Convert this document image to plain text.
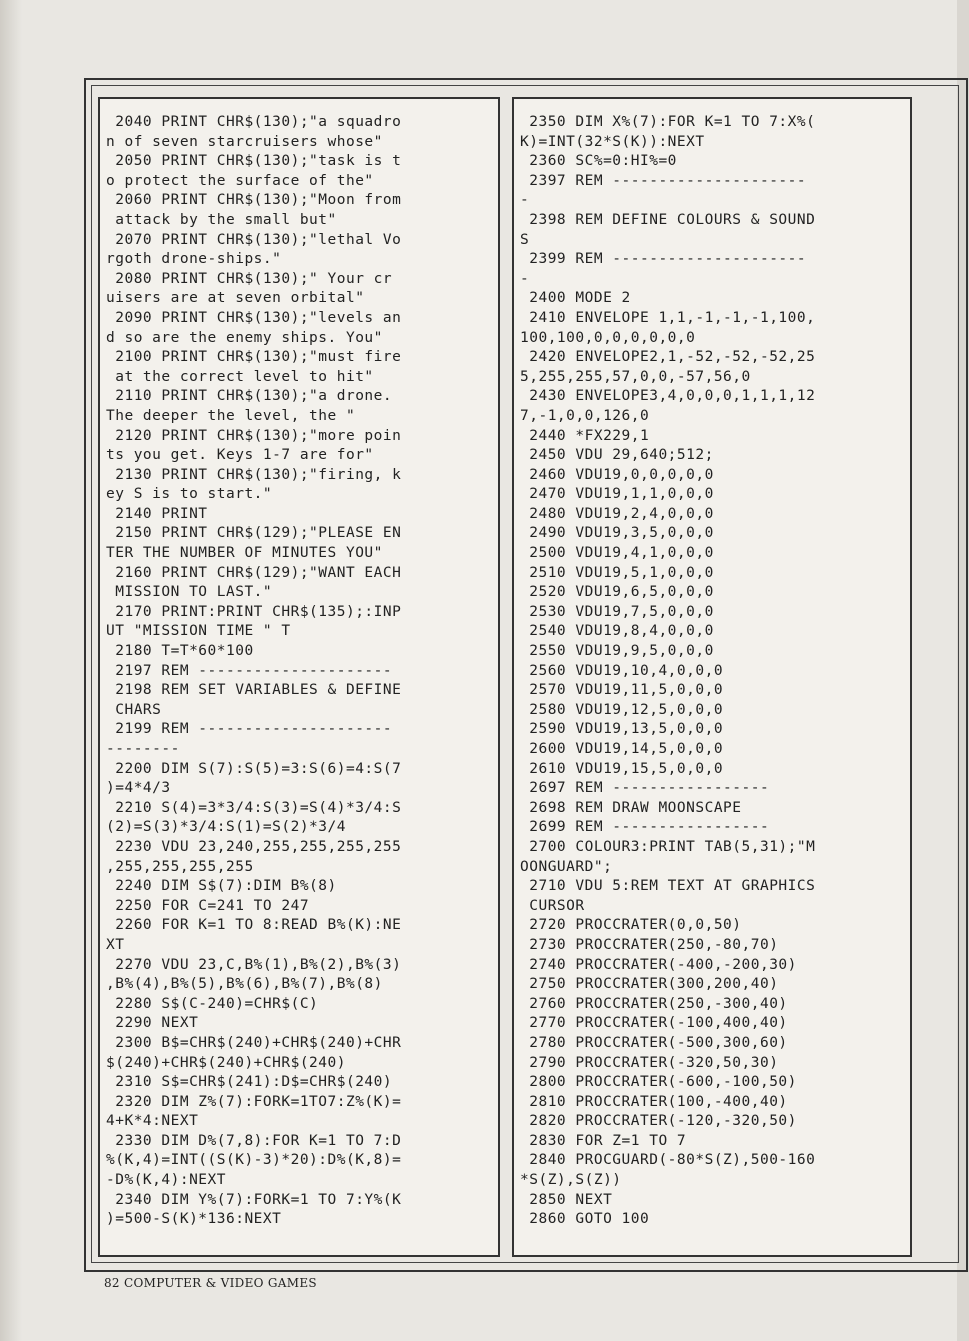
2040 PRINT CHR$(130);"a squadro
n of seven starcruisers whose"
2050 PRINT CHR$(130);"task is t
o protect the surface of the"
2060 PRINT CHR$(130);"Moon from
attack by the small but"
2070 PRINT CHR$(130);"lethal Vo
rgoth drone-ships."
2080 PRINT CHR$(130);" Your cr
uisers are at seven orbital"
2090 PRINT CHR$(130);"levels an
d so are the enemy ships. You"
2100 PRINT CHR$(130);"must fire
at the correct level to hit"
2110 PRINT CHR$(130);"a drone.
The deeper the level, the "
2120 PRINT CHR$(130);"more poin
ts you get. Keys 1-7 are for"
2130 PRINT CHR$(130);"firing, k
ey S is to start."
2140 PRINT
2150 PRINT CHR$(129);"PLEASE EN
TER THE NUMBER OF MINUTES YOU"
2160 PRINT CHR$(129);"WANT EACH
MISSION TO LAST."
2170 PRINT:PRINT CHR$(135);:INP
UT "MISSION TIME " T
2180 T=T*60*100
2197 REM ---------------------
2198 REM SET VARIABLES & DEFINE
CHARS
2199 REM ---------------------
--------
2200 DIM S(7):S(5)=3:S(6)=4:S(7
)=4*4/3
2210 S(4)=3*3/4:S(3)=S(4)*3/4:S
(2)=S(3)*3/4:S(1)=S(2)*3/4
2230 VDU 23,240,255,255,255,255
,255,255,255,255
2240 DIM S$(7):DIM B%(8)
2250 FOR C=241 TO 247
2260 FOR K=1 TO 8:READ B%(K):NE
XT
2270 VDU 23,C,B%(1),B%(2),B%(3)
,B%(4),B%(5),B%(6),B%(7),B%(8)
2280 S$(C-240)=CHR$(C)
2290 NEXT
2300 B$=CHR$(240)+CHR$(240)+CHR
$(240)+CHR$(240)+CHR$(240)
2310 S$=CHR$(241):D$=CHR$(240)
2320 DIM Z%(7):FORK=1TO7:Z%(K)=
4+K*4:NEXT
2330 DIM D%(7,8):FOR K=1 TO 7:D
%(K,4)=INT((S(K)-3)*20):D%(K,8)=
-D%(K,4):NEXT
2340 DIM Y%(7):FORK=1 TO 7:Y%(K
)=500-S(K)*136:NEXT
2350 DIM X%(7):FOR K=1 TO 7:X%(
K)=INT(32*S(K)):NEXT
2360 SC%=0:HI%=0
2397 REM ---------------------
-
2398 REM DEFINE COLOURS & SOUND
S
2399 REM ---------------------
-
2400 MODE 2
2410 ENVELOPE 1,1,-1,-1,-1,100,
100,100,0,0,0,0,0,0
2420 ENVELOPE2,1,-52,-52,-52,25
5,255,255,57,0,0,-57,56,0
2430 ENVELOPE3,4,0,0,0,1,1,1,12
7,-1,0,0,126,0
2440 *FX229,1
2450 VDU 29,640;512;
2460 VDU19,0,0,0,0,0
2470 VDU19,1,1,0,0,0
2480 VDU19,2,4,0,0,0
2490 VDU19,3,5,0,0,0
2500 VDU19,4,1,0,0,0
2510 VDU19,5,1,0,0,0
2520 VDU19,6,5,0,0,0
2530 VDU19,7,5,0,0,0
2540 VDU19,8,4,0,0,0
2550 VDU19,9,5,0,0,0
2560 VDU19,10,4,0,0,0
2570 VDU19,11,5,0,0,0
2580 VDU19,12,5,0,0,0
2590 VDU19,13,5,0,0,0
2600 VDU19,14,5,0,0,0
2610 VDU19,15,5,0,0,0
2697 REM -----------------
2698 REM DRAW MOONSCAPE
2699 REM -----------------
2700 COLOUR3:PRINT TAB(5,31);"M
OONGUARD";
2710 VDU 5:REM TEXT AT GRAPHICS
CURSOR
2720 PROCCRATER(0,0,50)
2730 PROCCRATER(250,-80,70)
2740 PROCCRATER(-400,-200,30)
2750 PROCCRATER(300,200,40)
2760 PROCCRATER(250,-300,40)
2770 PROCCRATER(-100,400,40)
2780 PROCCRATER(-500,300,60)
2790 PROCCRATER(-320,50,30)
2800 PROCCRATER(-600,-100,50)
2810 PROCCRATER(100,-400,40)
2820 PROCCRATER(-120,-320,50)
2830 FOR Z=1 TO 7
2840 PROCGUARD(-80*S(Z),500-160
*S(Z),S(Z))
2850 NEXT
2860 GOTO 100
82 COMPUTER & VIDEO GAMES
